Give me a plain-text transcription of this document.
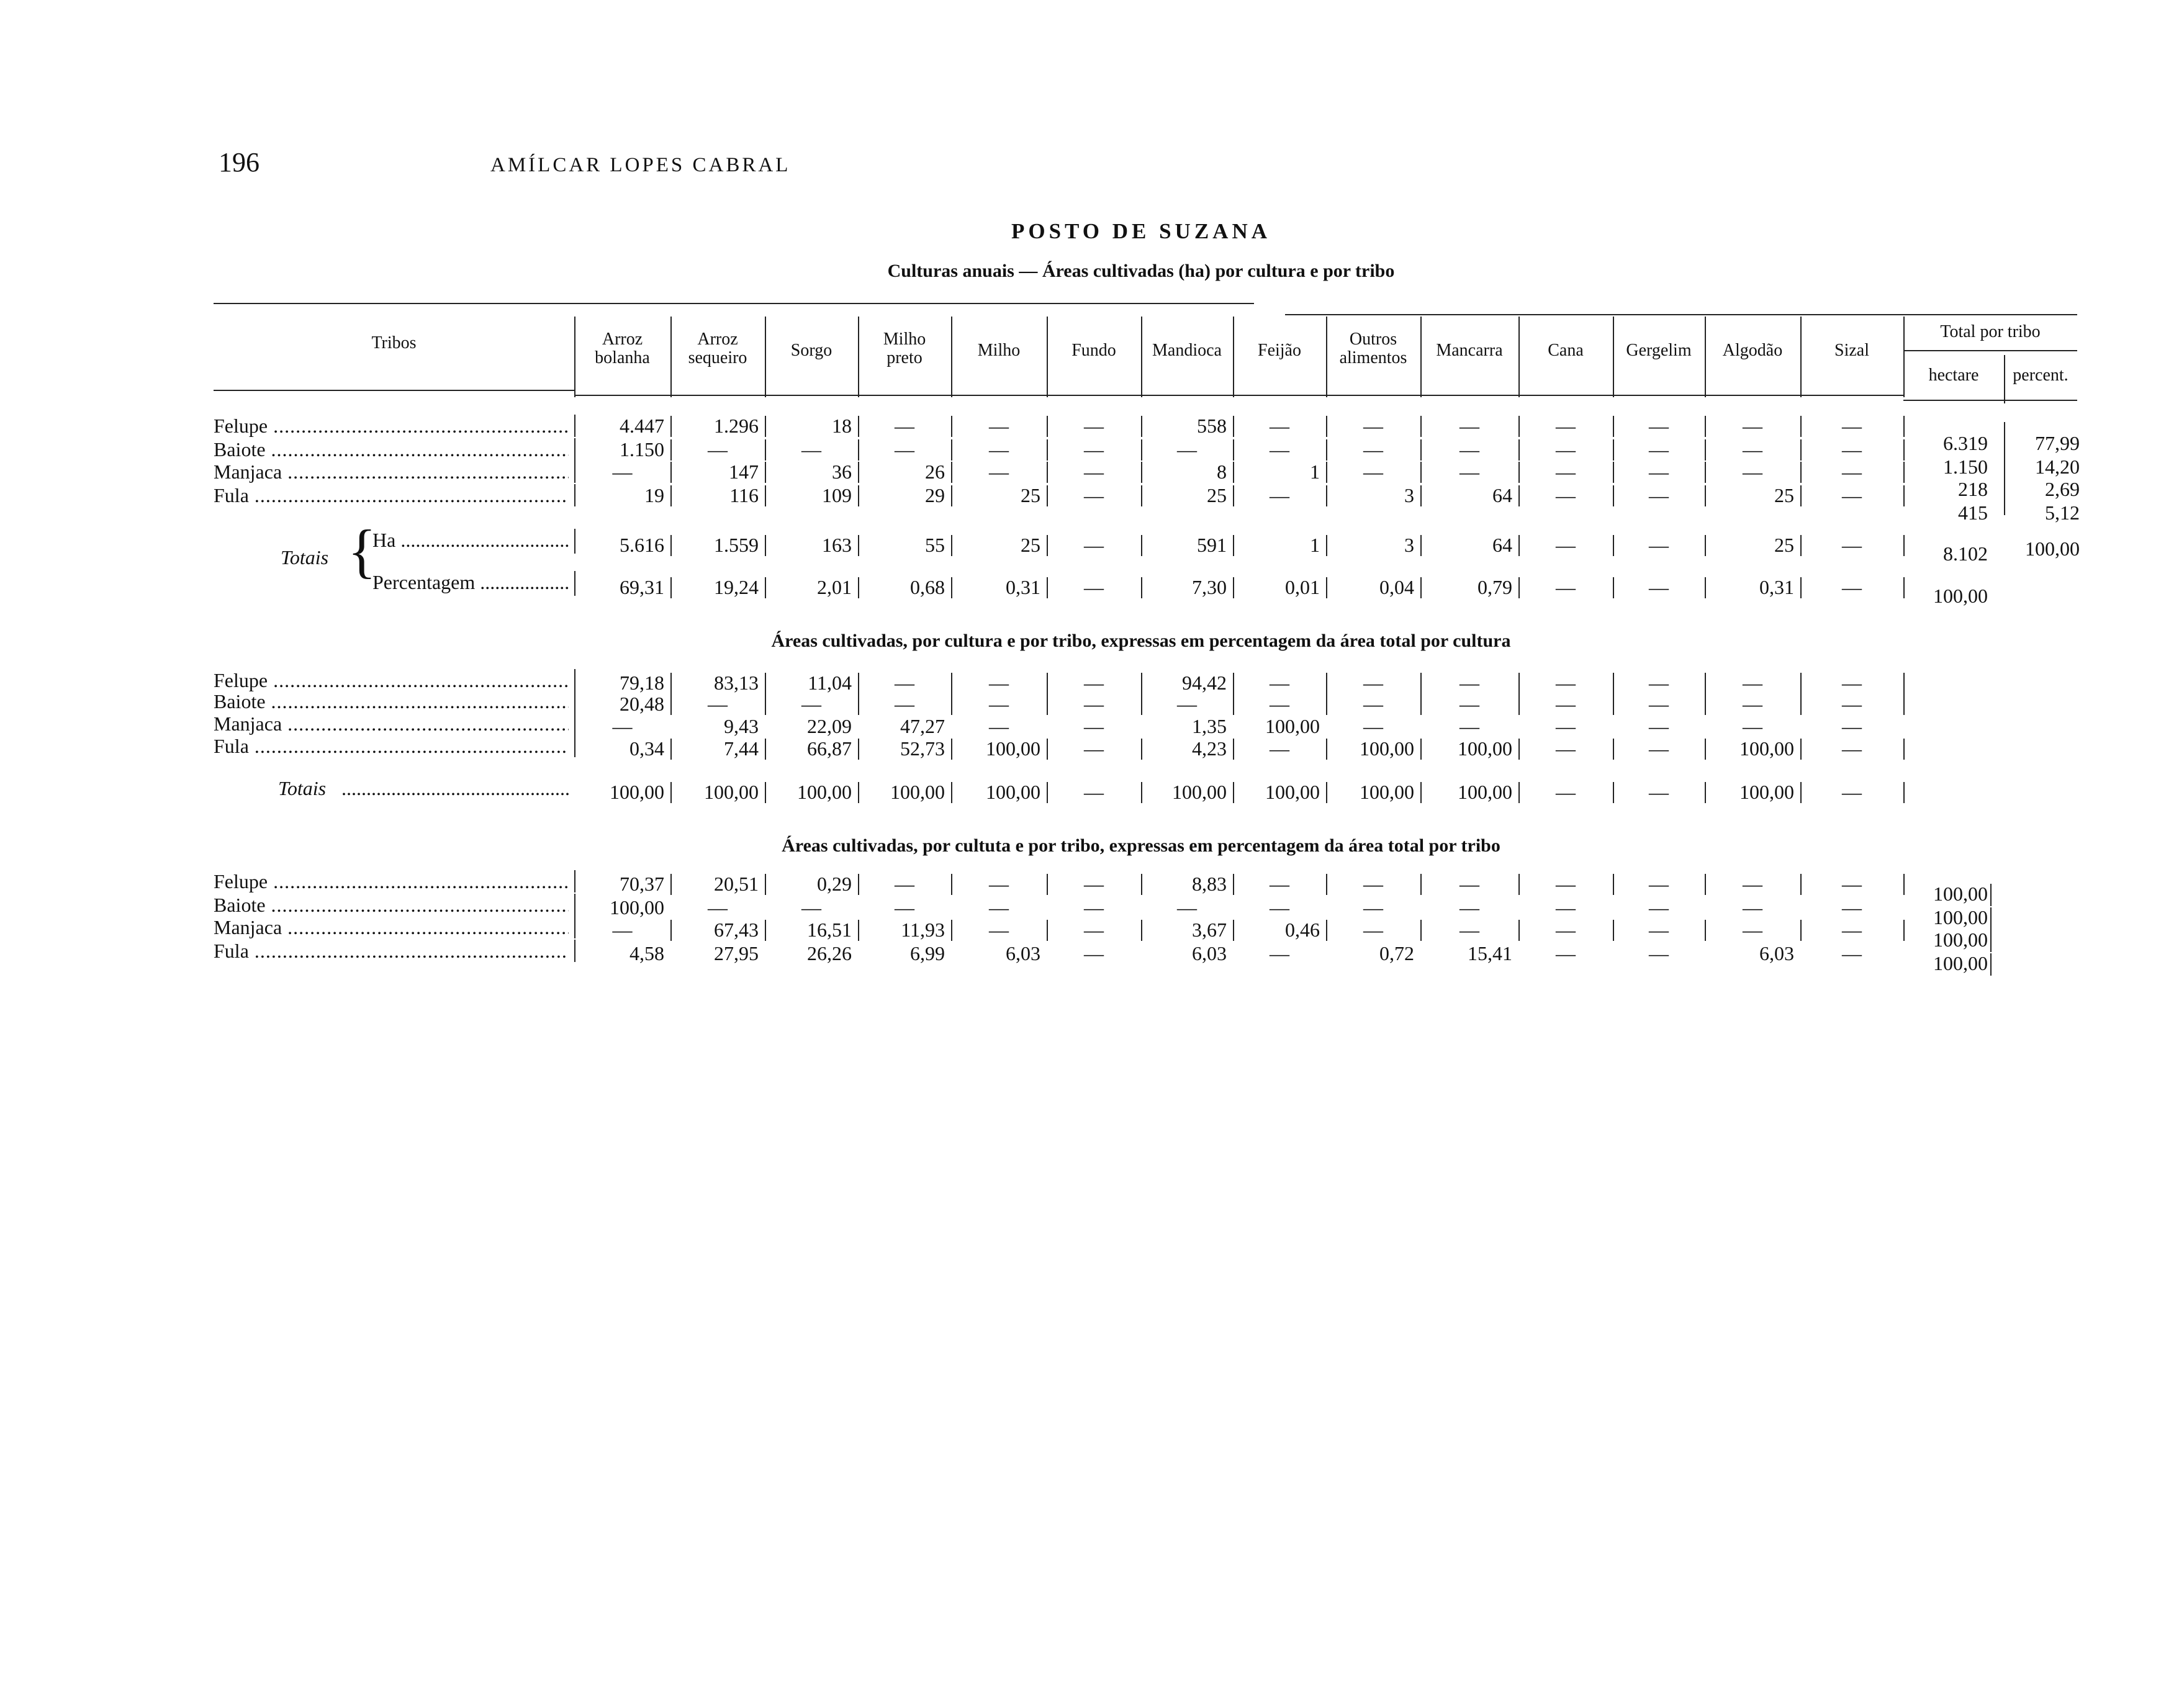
196	AMÍLCAR LOPES CABRAL
POSTO DE SUZANA
Culturas anuais — Áreas cultivadas (ha) por cultura e por tribo
Tribos	Arroz
bolanha
Arroz
sequeiro	Sorgo
Milho
preto	Milho	Fundo	Mandioca	Feijão
Outros
alimentos	Mancarra	Cana	Gergelim	Algodão	Sizal
Total por tribo
hectare	percent.
Felupe .....	4.447	1.296	18	—	—	—	558	—	—	—	—	—	—	—
6.319	77,99
Baiote .....	1.150	—	—	—	—	—	—	—	—	—	—	—	—	—
1.150	14,20
Manjaca .....	—	147	36	26	—	—	8	1	—	—	—	—	—	—
218	2,69
Fula .....	19	116	109	29	25	—	25	—	3	64	—	—	25	—
415	5,12
Totais {
Ha .....	5.616	1.559	163	55	25	—	591	1	3	64	—	—	25	—	8.102	100,00
Percentagem .....	69,31	19,24	2,01	0,68	0,31	—	7,30	0,01	0,04	0,79	—	—	0,31	—	100,00
Áreas cultivadas, por cultura e por tribo, expressas em percentagem da área total por cultura
Felupe .....	79,18	83,13	11,04	—	—	—	94,42	—	—	—	—	—	—	—
Baiote .....	20,48	—	—	—	—	—	—	—	—	—	—	—	—	—
Manjaca .....	—	9,43	22,09	47,27	—	—	1,35	100,00	—	—	—	—	—	—
Fula .....	0,34	7,44	66,87	52,73	100,00	—	4,23	—	100,00	100,00	—	—	100,00	—
Totais
.....	100,00	100,00	100,00	100,00	100,00	—	100,00	100,00	100,00	100,00	—	—	100,00	—
Áreas cultivadas, por cultuta e por tribo, expressas em percentagem da área total por tribo
Felupe .....	70,37	20,51	0,29	—	—	—	8,83	—	—	—	—	—	—	—	100,00
Baiote .....	100,00	—	—	—	—	—	—	—	—	—	—	—	—	—	100,00
Manjaca .....	—	67,43	16,51	11,93	—	—	3,67	0,46	—	—	—	—	—	—	100,00
Fula .....	4,58	27,95	26,26	6,99	6,03	—	6,03	—	0,72	15,41	—	—	6,03	—	100,00
